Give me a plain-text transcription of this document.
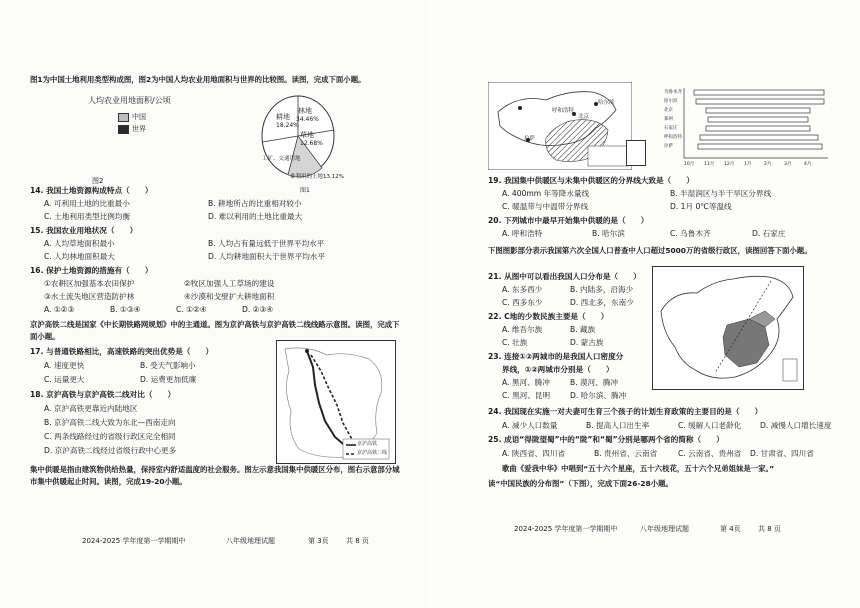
图1为中国土地利用类型构成图，图2为中国人均农业用地面积与世界的比较图。读图，完成下面小题。
人均农业用地面积/公顷
中国
世界
图2
耕地
18.24%
林地
34.46%
草地
12.68%
工矿、交通用地
难利用的土地13.12%
图1
14. 我国土地资源构成特点（　　）
A. 可利用土地的比重最小	B. 耕地所占的比重相对较小
C. 土地利用类型比例均衡	D. 难以利用的土地比重最大
15. 我国农业用地状况（　　）
A. 人均草地面积最小	B. 人均占有量远低于世界平均水平
C. 人均林地面积最大	D. 人均耕地面积大于世界平均水平
16. 保护土地资源的措施有（　　）
①农耕区加强基本农田保护	②牧区加强人工草场的建设
③水土流失地区营造防护林	④沙漠和戈壁扩大耕地面积
A. ①②③	B. ①③④	C. ①②④	D. ②③④
京沪高铁二线是国家《中长期铁路网规划》中的主通道。图为京沪高铁与京沪高铁二线线路示意图。读图，完成下面小题。
17. 与普通铁路相比，高速铁路的突出优势是（　　）
A. 速度更快	B. 受天气影响小
C. 运量更大	D. 运费更加低廉
18. 京沪高铁与京沪高铁二线对比（　　）
A. 京沪高铁更靠近内陆地区
B. 京沪高铁二线大致为东北—西南走向
C. 两条线路经过的省级行政区完全相同
D. 京沪高铁二线经过省级行政中心更多
京沪高铁
京沪高铁二线
集中供暖是指由建筑物供给热量，保持室内舒适温度的社会服务。图左示意我国集中供暖区分布，图右示意部分城市集中供暖起止时间。读图，完成19-20小题。
2024-2025 学年度第一学期期中	八年级地理试题	第 3页 共 8 页
哈尔滨
呼和浩特
北京
拉萨
乌鲁木齐
哈尔滨
北京
郑州
石家庄
呼和浩特
拉萨
10月 11月 12月 1月	2月	3月	4月
19. 我国集中供暖区与未集中供暖区的分界线大致是（　　）
A. 400mm 年等降水量线	B. 半湿润区与半干旱区分界线
C. 暖温带与中温带分界线	D. 1月 0℃等温线
20. 下列城市中最早开始集中供暖的是（　　）
A. 呼和浩特	B. 哈尔滨	C. 乌鲁木齐	D. 石家庄
下图图影部分表示我国第六次全国人口普查中人口超过5000万的省级行政区，读图回答下面小题。
21. 从图中可以看出我国人口分布是（　　）
A. 东多西少	B. 内陆多，沿海少
C. 西多东少	D. 西北多，东南少
22. C地的少数民族主要是（　　）
A. 维吾尔族	B. 藏族
C. 壮族	D. 蒙古族
23. 连接①②两城市的是我国人口密度分
界线，①②两城市分别是（　　）
A. 黑河、腾冲	B. 漠河、腾冲
C. 黑河、昆明	D. 哈尔滨、腾冲
24. 我国现在实施一对夫妻可生育三个孩子的计划生育政策的主要目的是（　　）
A. 减少人口数量	B. 提高人口出生率	C. 缓解人口老龄化 D. 减慢人口增长速度
25. 成语“得陇望蜀”中的“陇”和“蜀”分别是哪两个省的简称（　　）
A. 陕西省、四川省	B. 贵州省、云南省	C. 云南省、贵州省 D. 甘肃省、四川省
歌曲《爱我中华》中唱到“五十六个星座，五十六枝花，五十六个兄弟姐妹是一家。”
读“中国民族的分布图”（下图），完成下面26-28小题。
2024-2025 学年度第一学期期中	八年级地理试题	第 4页 共 8 页
